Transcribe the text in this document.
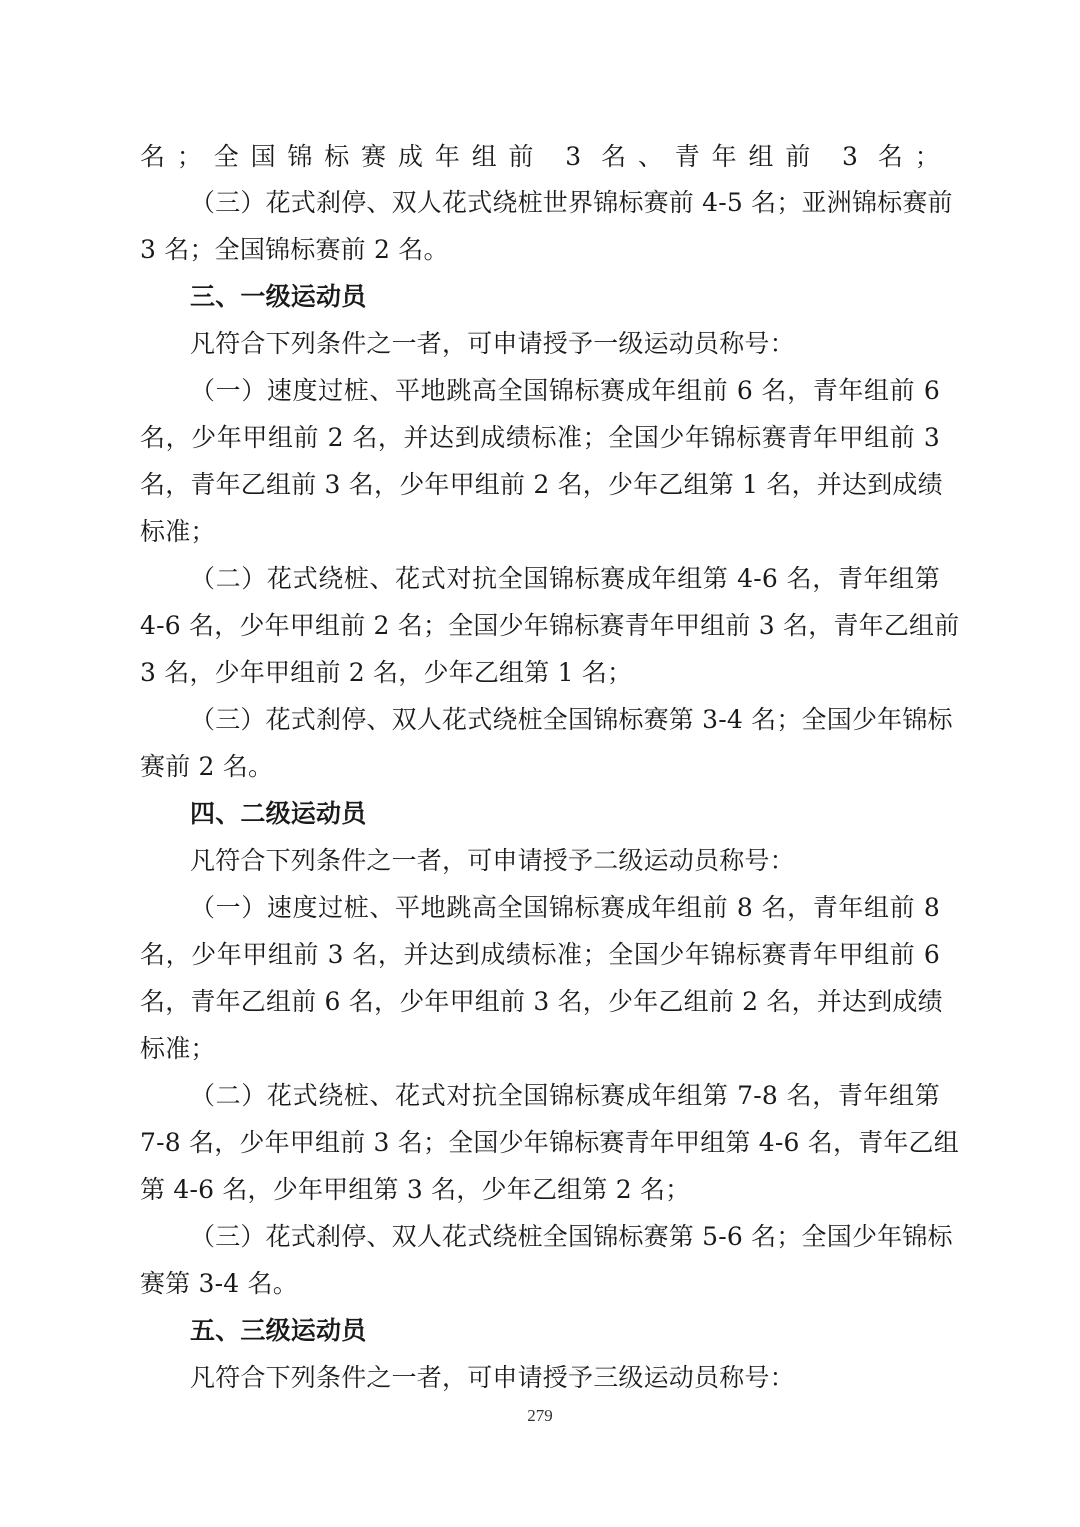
名；全国锦标赛成年组前 3 名、青年组前 3 名；
（三）花式刹停、双人花式绕桩世界锦标赛前 4-5 名；亚洲锦标赛前
3 名；全国锦标赛前 2 名。
三、一级运动员
凡符合下列条件之一者，可申请授予一级运动员称号：
（一）速度过桩、平地跳高全国锦标赛成年组前 6 名，青年组前 6
名，少年甲组前 2 名，并达到成绩标准；全国少年锦标赛青年甲组前 3
名，青年乙组前 3 名，少年甲组前 2 名，少年乙组第 1 名，并达到成绩
标准；
（二）花式绕桩、花式对抗全国锦标赛成年组第 4-6 名，青年组第
4-6 名，少年甲组前 2 名；全国少年锦标赛青年甲组前 3 名，青年乙组前
3 名，少年甲组前 2 名，少年乙组第 1 名；
（三）花式刹停、双人花式绕桩全国锦标赛第 3-4 名；全国少年锦标
赛前 2 名。
四、二级运动员
凡符合下列条件之一者，可申请授予二级运动员称号：
（一）速度过桩、平地跳高全国锦标赛成年组前 8 名，青年组前 8
名，少年甲组前 3 名，并达到成绩标准；全国少年锦标赛青年甲组前 6
名，青年乙组前 6 名，少年甲组前 3 名，少年乙组前 2 名，并达到成绩
标准；
（二）花式绕桩、花式对抗全国锦标赛成年组第 7-8 名，青年组第
7-8 名，少年甲组前 3 名；全国少年锦标赛青年甲组第 4-6 名，青年乙组
第 4-6 名，少年甲组第 3 名，少年乙组第 2 名；
（三）花式刹停、双人花式绕桩全国锦标赛第 5-6 名；全国少年锦标
赛第 3-4 名。
五、三级运动员
凡符合下列条件之一者，可申请授予三级运动员称号：
279
